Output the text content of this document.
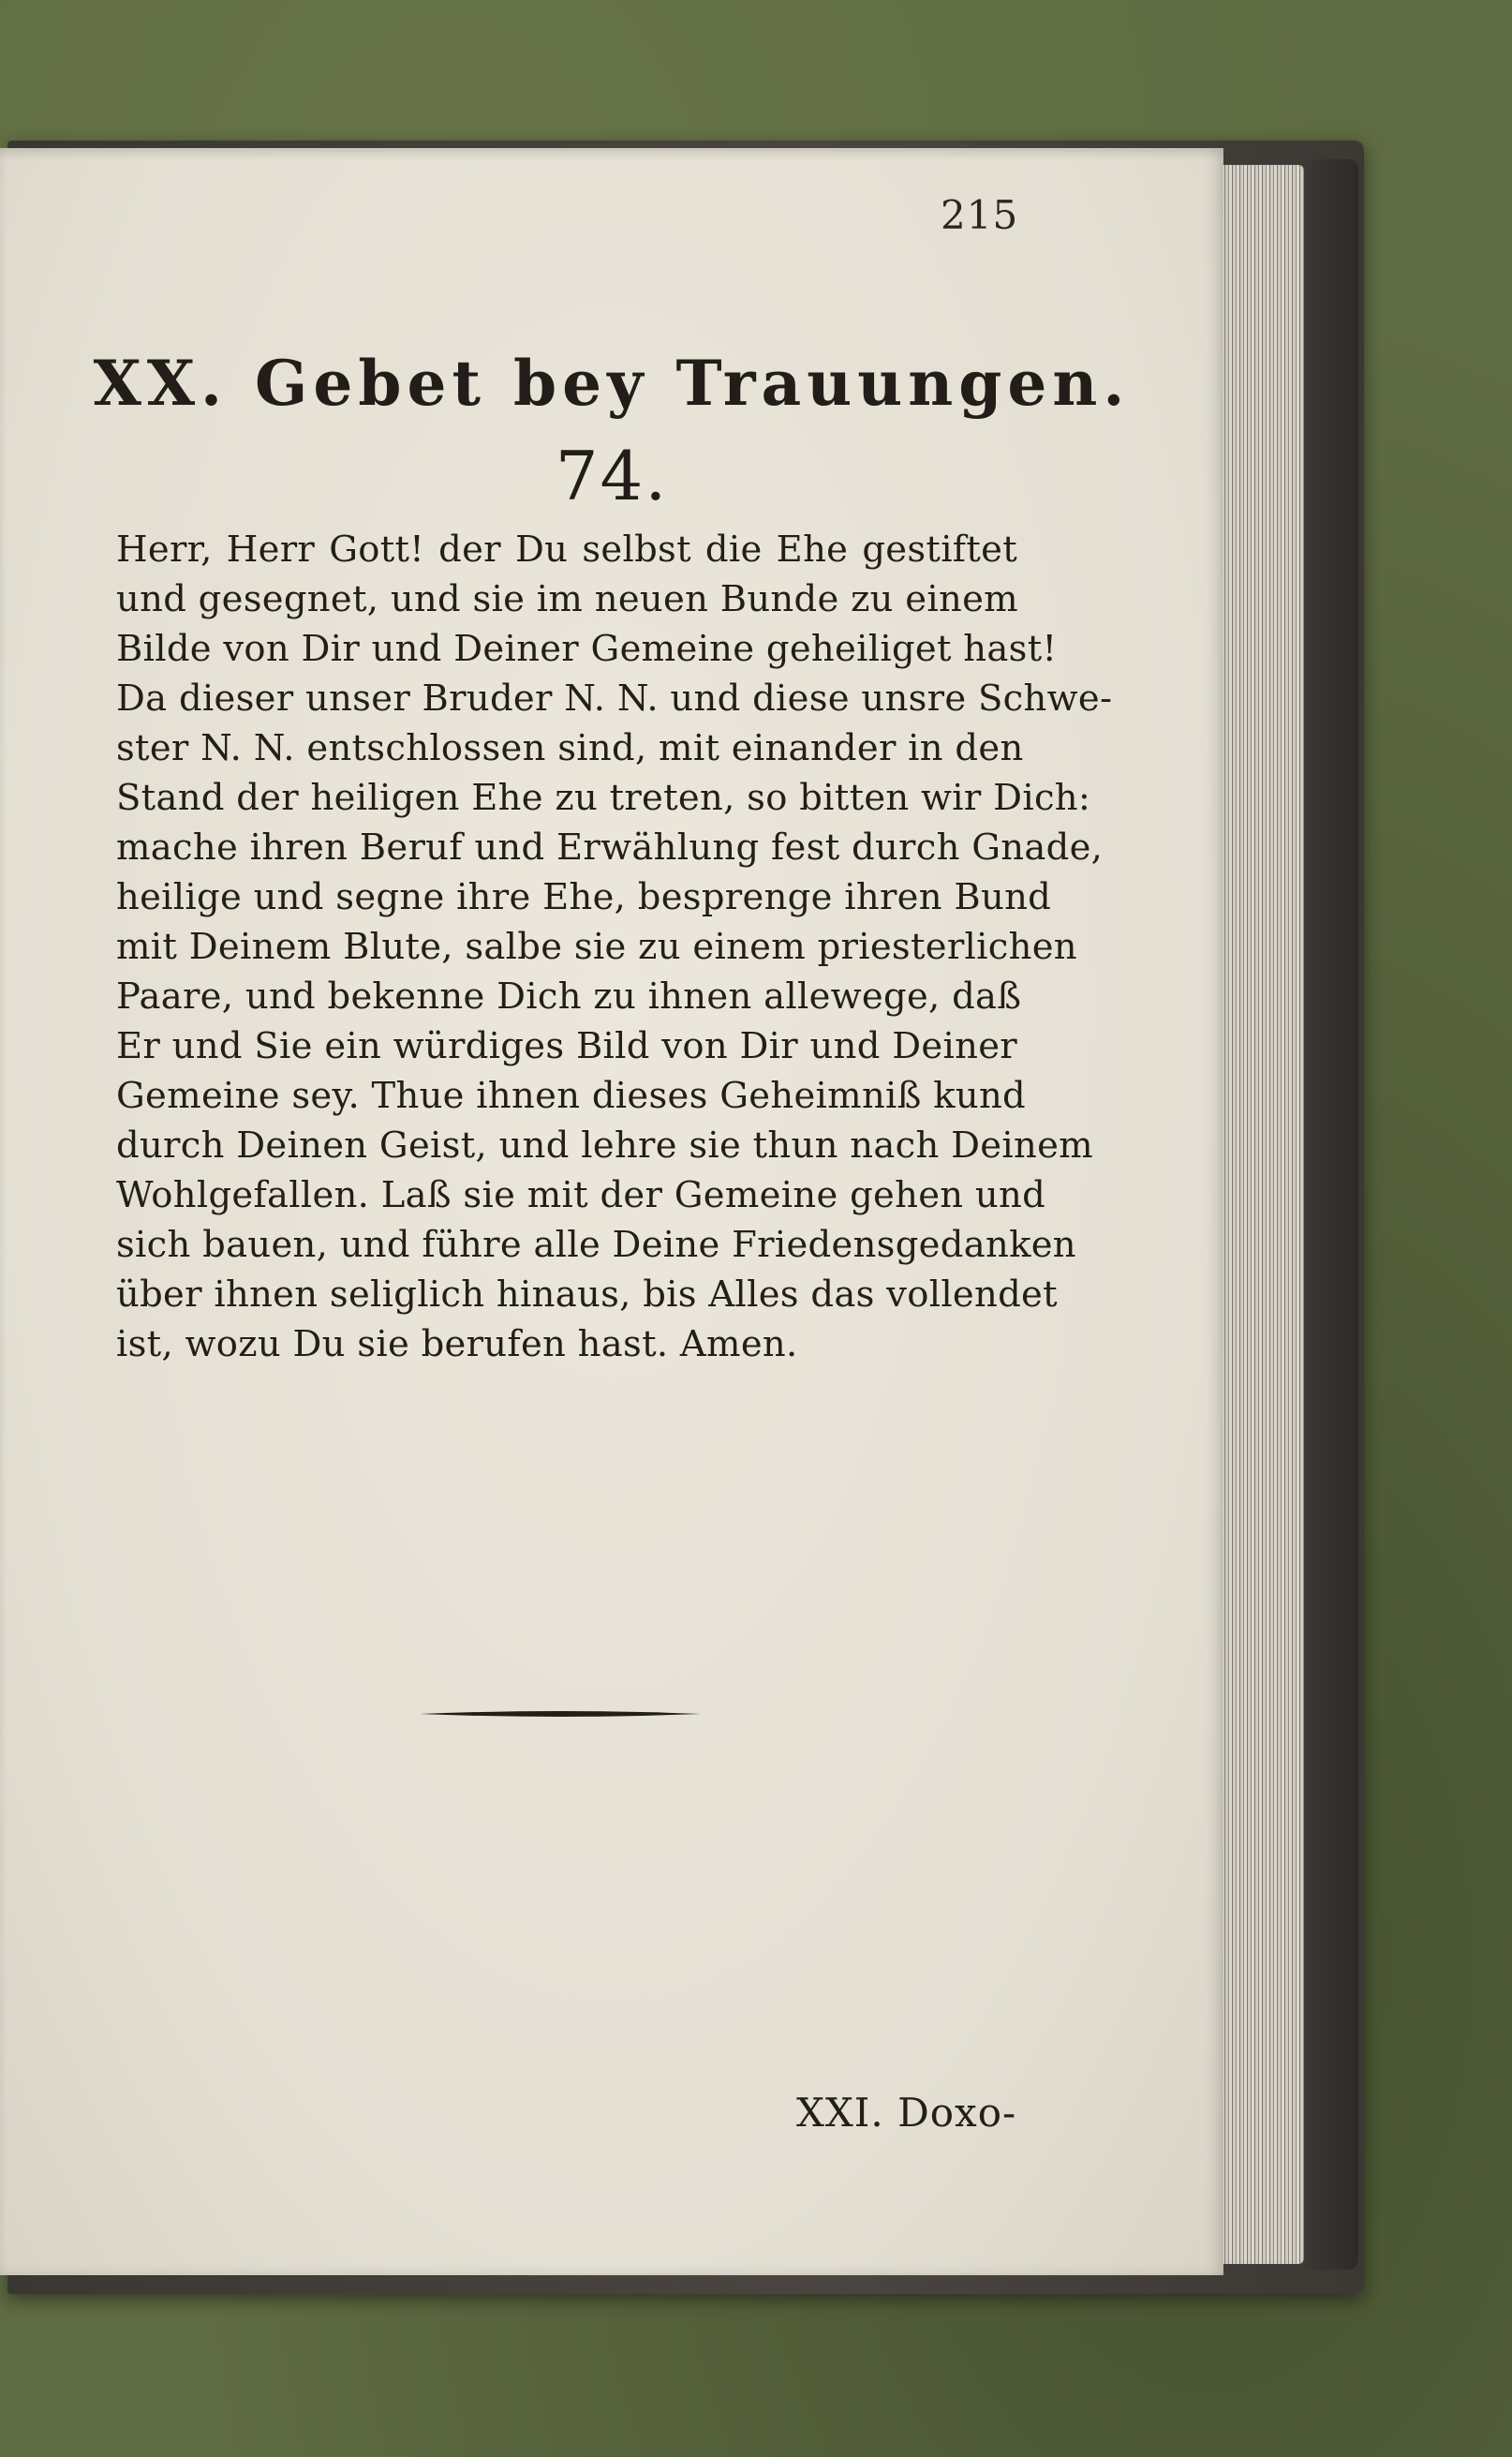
215
XX. Gebet bey Trauungen.
74.
Herr, Herr Gott! der Du selbst die Ehe gestiftet
und gesegnet, und sie im neuen Bunde zu einem
Bilde von Dir und Deiner Gemeine geheiliget hast!
Da dieser unser Bruder N. N. und diese unsre Schwe-
ster N. N. entschlossen sind, mit einander in den
Stand der heiligen Ehe zu treten, so bitten wir Dich:
mache ihren Beruf und Erwählung fest durch Gnade,
heilige und segne ihre Ehe, besprenge ihren Bund
mit Deinem Blute, salbe sie zu einem priesterlichen
Paare, und bekenne Dich zu ihnen allewege, daß
Er und Sie ein würdiges Bild von Dir und Deiner
Gemeine sey. Thue ihnen dieses Geheimniß kund
durch Deinen Geist, und lehre sie thun nach Deinem
Wohlgefallen. Laß sie mit der Gemeine gehen und
sich bauen, und führe alle Deine Friedensgedanken
über ihnen seliglich hinaus, bis Alles das vollendet
ist, wozu Du sie berufen hast. Amen.
XXI. Doxo-
